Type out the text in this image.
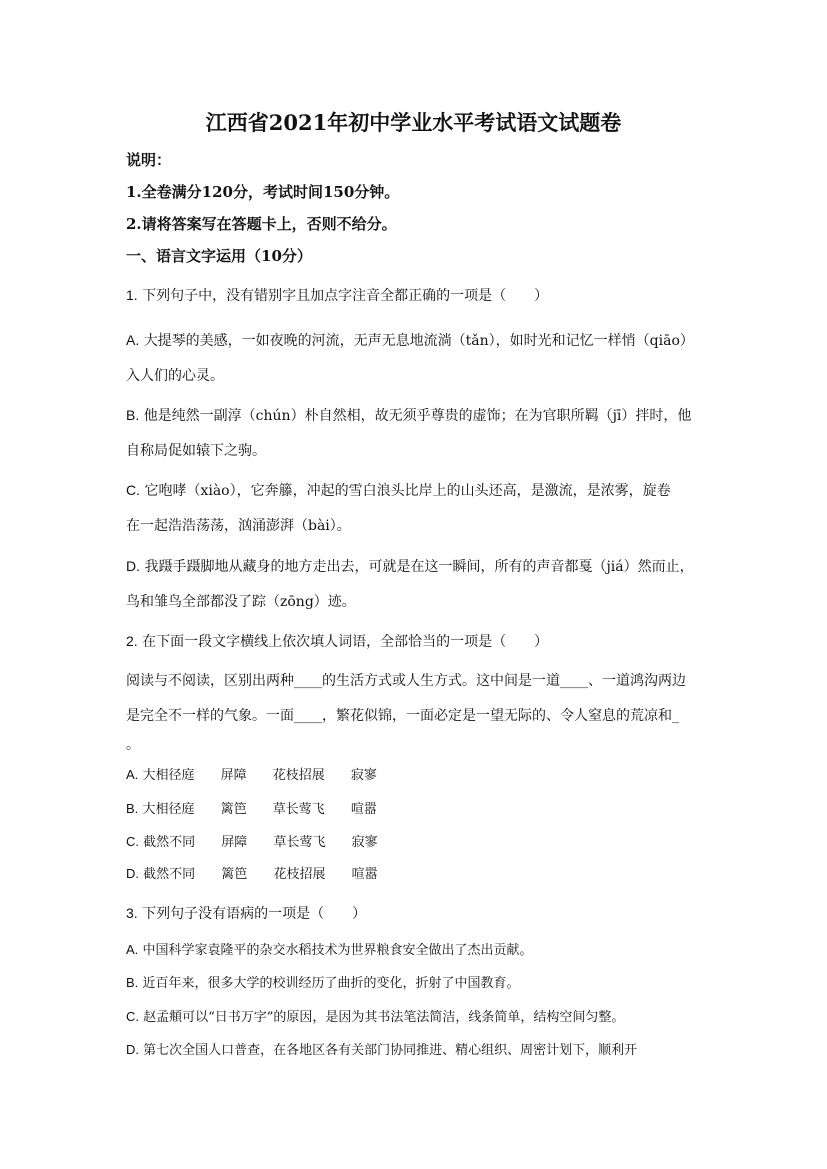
江西省2021年初中学业水平考试语文试题卷

说明：

1.全卷满分120分，考试时间150分钟。

2.请将答案写在答题卡上，否则不给分。

一、语言文字运用（10分）

1. 下列句子中，没有错别字且加点字注音全都正确的一项是（　　）

A. 大提琴的美感，一如夜晚的河流，无声无息地流淌（tǎn），如时光和记忆一样悄（qiāo）

入人们的心灵。

B. 他是纯然一副淳（chún）朴自然相，故无须乎尊贵的虚饰；在为官职所羁（jī）拌时，他

自称局促如辕下之驹。

C. 它咆哮（xiào），它奔籐，冲起的雪白浪头比岸上的山头还高，是激流，是浓雾，旋卷

在一起浩浩荡荡，汹涌澎湃（bài）。

D. 我蹑手蹑脚地从藏身的地方走出去，可就是在这一瞬间，所有的声音都戛（jiá）然而止，

鸟和雏鸟全部都没了踪（zōng）迹。

2. 在下面一段文字横线上依次填人词语，全部恰当的一项是（　　）

阅读与不阅读，区别出两种____的生活方式或人生方式。这中间是一道____、一道鸿沟两边

是完全不一样的气象。一面____，繁花似锦，一面必定是一望无际的、令人窒息的荒凉和_

。

A. 大相径庭 屏障 花枝招展 寂寥

B. 大相径庭 篱笆 草长莺飞 喧嚣

C. 截然不同 屏障 草长莺飞 寂寥

D. 截然不同 篱笆 花枝招展 喧嚣

3. 下列句子没有语病的一项是（　　）

A. 中国科学家袁隆平的杂交水稻技术为世界粮食安全做出了杰出贡献。

B. 近百年来，很多大学的校训经历了曲折的变化，折射了中国教育。

C. 赵孟頫可以“日书万字”的原因，是因为其书法笔法简洁，线条简单，结构空间匀整。

D. 第七次全国人口普查，在各地区各有关部门协同推进、精心组织、周密计划下，顺利开
